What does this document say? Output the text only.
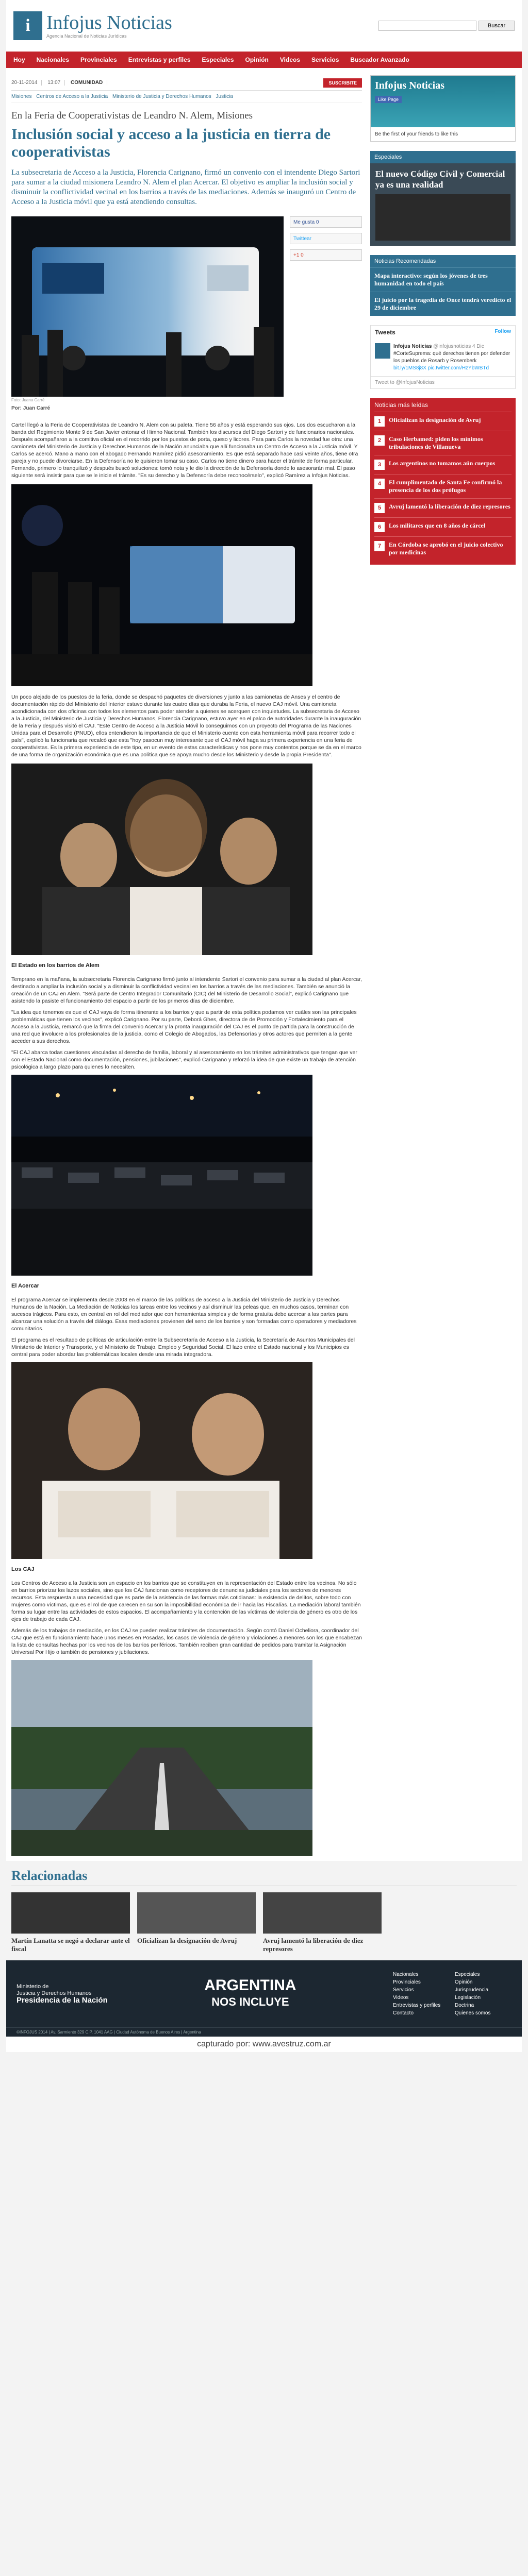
i Infojus Noticias
Agencia Nacional de Noticias Jurídicas
Buscar
Hoy Nacionales Provinciales Entrevistas y perfiles Especiales Opinión Videos Servicios Buscador Avanzado
20-11-2014 13:07 COMUNIDAD	SUSCRIBITE
Misiones Centros de Acceso a la Justicia Ministerio de Justicia y Derechos Humanos Justicia
En la Feria de Cooperativistas de Leandro N. Alem, Misiones
Inclusión social y acceso a la justicia en tierra de cooperativistas
La subsecretaria de Acceso a la Justicia, Florencia Carignano, firmó un convenio con el intendente Diego Sartori para sumar a la ciudad misionera Leandro N. Alem el plan Acercar. El objetivo es ampliar la inclusión social y disminuir la conflictividad vecinal en los barrios a través de las mediaciones. Además se inauguró un Centro de Acceso a la Justicia móvil que ya está atendiendo consultas.
Me gusta 0
Twittear
+1 0
Foto: Juana Carré
Por: Juan Carré

Cartel llegó a la Feria de Cooperativistas de Leandro N. Alem con su paleta. Tiene 56 años y está esperando sus ojos. Los dos escucharon a la banda del Regimiento Monte 9 de San Javier entonar el Himno Nacional. También los discursos del Diego Sartori y de funcionarios nacionales. Después acompañaron a la comitiva oficial en el recorrido por los puestos de porta, queso y licores. Para para Carlos la novedad fue otra: una camioneta del Ministerio de Justicia y Derechos Humanos de la Nación anunciaba que allí funcionaba un Centro de Acceso a la Justicia móvil. Y Carlos se acercó. Mano a mano con el abogado Fernando Ramírez pidió asesoramiento. Es que está separado hace casi veinte años, tiene otra pareja y no puede divorciarse. En la Defensoría no le quisieron tomar su caso. Carlos no tiene dinero para hacer el trámite de forma particular. Fernando, primero lo tranquilizó y después buscó soluciones: tomó nota y le dio la dirección de la Defensoría donde lo asesorarán mal. El paso siguiente será insistir para que se le inicie el trámite. "Es su derecho y la Defensoría debe reconocérselo", explicó Ramírez a Infojus Noticias.

Un poco alejado de los puestos de la feria, donde se despachó paquetes de diversiones y junto a las camionetas de Anses y el centro de documentación rápido del Ministerio del Interior estuvo durante las cuatro días que duraba la Feria, el nuevo CAJ móvil. Una camioneta acondicionada con dos oficinas con todos los elementos para poder atender a quienes se acerquen con inquietudes. La subsecretaria de Acceso a la Justicia, del Ministerio de Justicia y Derechos Humanos, Florencia Carignano, estuvo ayer en el palco de autoridades durante la inauguración de la Feria y después visitó el CAJ. "Este Centro de Acceso a la Justicia Móvil lo conseguimos con un proyecto del Programa de las Naciones Unidas para el Desarrollo (PNUD), ellos entendieron la importancia de que el Ministerio cuente con esta herramienta móvil para recorrer todo el país", explicó la funcionaria que recalcó que esta "hoy pasocun muy interesante que el CAJ móvil haga su primera experiencia en una feria de cooperativistas. Es la primera experiencia de este tipo, en un evento de estas características y nos pone muy contentos porque se da en el marco de una forma de organización económica que es una política que se apoya mucho desde los Ministerio y desde la propia Presidenta".

El Estado en los barrios de Alem

Temprano en la mañana, la subsecretaria Florencia Carignano firmó junto al intendente Sartori el convenio para sumar a la ciudad al plan Acercar, destinado a ampliar la inclusión social y a disminuir la conflictividad vecinal en los barrios a través de las mediaciones. También se anunció la creación de un CAJ en Alem. "Será parte de Centro Integrador Comunitario (CIC) del Ministerio de Desarrollo Social", explicó Carignano que asistendo la pasiste el funcionamiento del espacio a partir de los primeros días de diciembre.

"La idea que tenemos es que el CAJ vaya de forma itinerante a los barrios y que a partir de esta política podamos ver cuáles son las principales problemáticas que tienen los vecinos", explicó Carignano. Por su parte, Deborá Ghes, directora de de Promoción y Fortalecimiento para el Acceso a la Justicia, remarcó que la firma del convenio Acercar y la pronta inauguración del CAJ es el punto de partida para la construcción de una red que involucre a los profesionales de la justicia, como el Colegio de Abogados, las Defensorías y otros actores que permiten a la gente acceder a sus derechos.

"El CAJ abarca todas cuestiones vinculadas al derecho de familia, laboral y al asesoramiento en los trámites administrativos que tengan que ver con el Estado Nacional como documentación, pensiones, jubilaciones", explicó Carignano y reforzó la idea de que existe un trabajo de atención psicológica a largo plazo para quienes lo necesiten.

El Acercar

El programa Acercar se implementa desde 2003 en el marco de las políticas de acceso a la Justicia del Ministerio de Justicia y Derechos Humanos de la Nación. La Mediación de Noticias los tareas entre los vecinos y así disminuir las peleas que, en muchos casos, terminan con sucesos trágicos. Para esto, en central en rol del mediador que con herramientas simples y de forma gratuita debe acercar a las partes para alcanzar una solución a través del diálogo. Esas mediaciones provienen del seno de los barrios y son formadas como operadores y mediadores comunitarios.

El programa es el resultado de políticas de articulación entre la Subsecretaría de Acceso a la Justicia, la Secretaría de Asuntos Municipales del Ministerio de Interior y Transporte, y el Ministerio de Trabajo, Empleo y Seguridad Social. El lazo entre el Estado nacional y los Municipios es central para poder abordar las problemáticas locales desde una mirada integradora.

Los CAJ

Los Centros de Acceso a la Justicia son un espacio en los barrios que se constituyen en la representación del Estado entre los vecinos. No sólo en barrios priorizar los lazos sociales, sino que los CAJ funcionan como receptores de denuncias judiciales para los sectores de menores recursos. Esta respuesta a una necesidad que es parte de la asistencia de las formas más cotidianas: la existencia de delitos, sobre todo con mujeres como víctimas, que es el rol de que carecen en su son la imposibilidad económica de ir hacia las Fiscalías. La mediación laboral también forma su lugar entre las actividades de estos espacios. El acompañamiento y la contención de las víctimas de violencia de género es otro de los ejes de trabajo de cada CAJ.

Además de los trabajos de mediación, en los CAJ se pueden realizar trámites de documentación. Según contó Daniel Ocheliora, coordinador del CAJ que está en funcionamiento hace unos meses en Posadas, los casos de violencia de género y violaciones a menores son los que encabezan la lista de consultas hechas por los vecinos de los barrios periféricos. También reciben gran cantidad de pedidos para tramitar la Asignación Universal Por Hijo o también de pensiones y jubilaciones.

Infojus Noticias
Like Page
Be the first of your friends to like this
Especiales
El nuevo Código Civil y Comercial ya es una realidad
Noticias Recomendadas
Mapa interactivo: según los jóvenes de tres humanidad en todo el país
El juicio por la tragedia de Once tendrá veredicto el 29 de diciembre
Tweets	Follow
Infojus Noticias @infojusnoticias 4 Dic
#CorteSuprema: qué derechos tienen por defender los pueblos de Rosarb y Rosemberk
bit.ly/1MS8j8X pic.twitter.com/HzYbWBTd
Tweet to @InfojusNoticias
Noticias más leídas
1	Oficializan la designación de Avruj
2	Caso Herbamed: piden los mínimos tribulaciones de Villanueva
3	Los argentinos no tomamos aún cuerpos
4	El cumplimentado de Santa Fe confirmó la presencia de los dos prófugos
5	Avruj lamentó la liberación de diez represores
6	Los militares que en 8 años de cárcel
7	En Córdoba se aprobó en el juicio colectivo por medicinas
Relacionadas
Martín Lanatta se negó a declarar ante el fiscal
Oficializan la designación de Avruj	Avruj lamentó la liberación de diez represores
Ministerio de
Justicia y Derechos Humanos
Presidencia de la Nación
ARGENTINA
NOS INCLUYE
Nacionales	Especiales
Provinciales	Opinión
Servicios	Jurisprudencia
Videos	Legislación
Entrevistas y perfiles	Doctrina
Contacto	Quienes somos
©INFOJUS 2014 | Av. Sarmiento 329 C.P. 1041 AAG | Ciudad Autónoma de Buenos Aires | Argentina
capturado por: www.avestruz.com.ar
